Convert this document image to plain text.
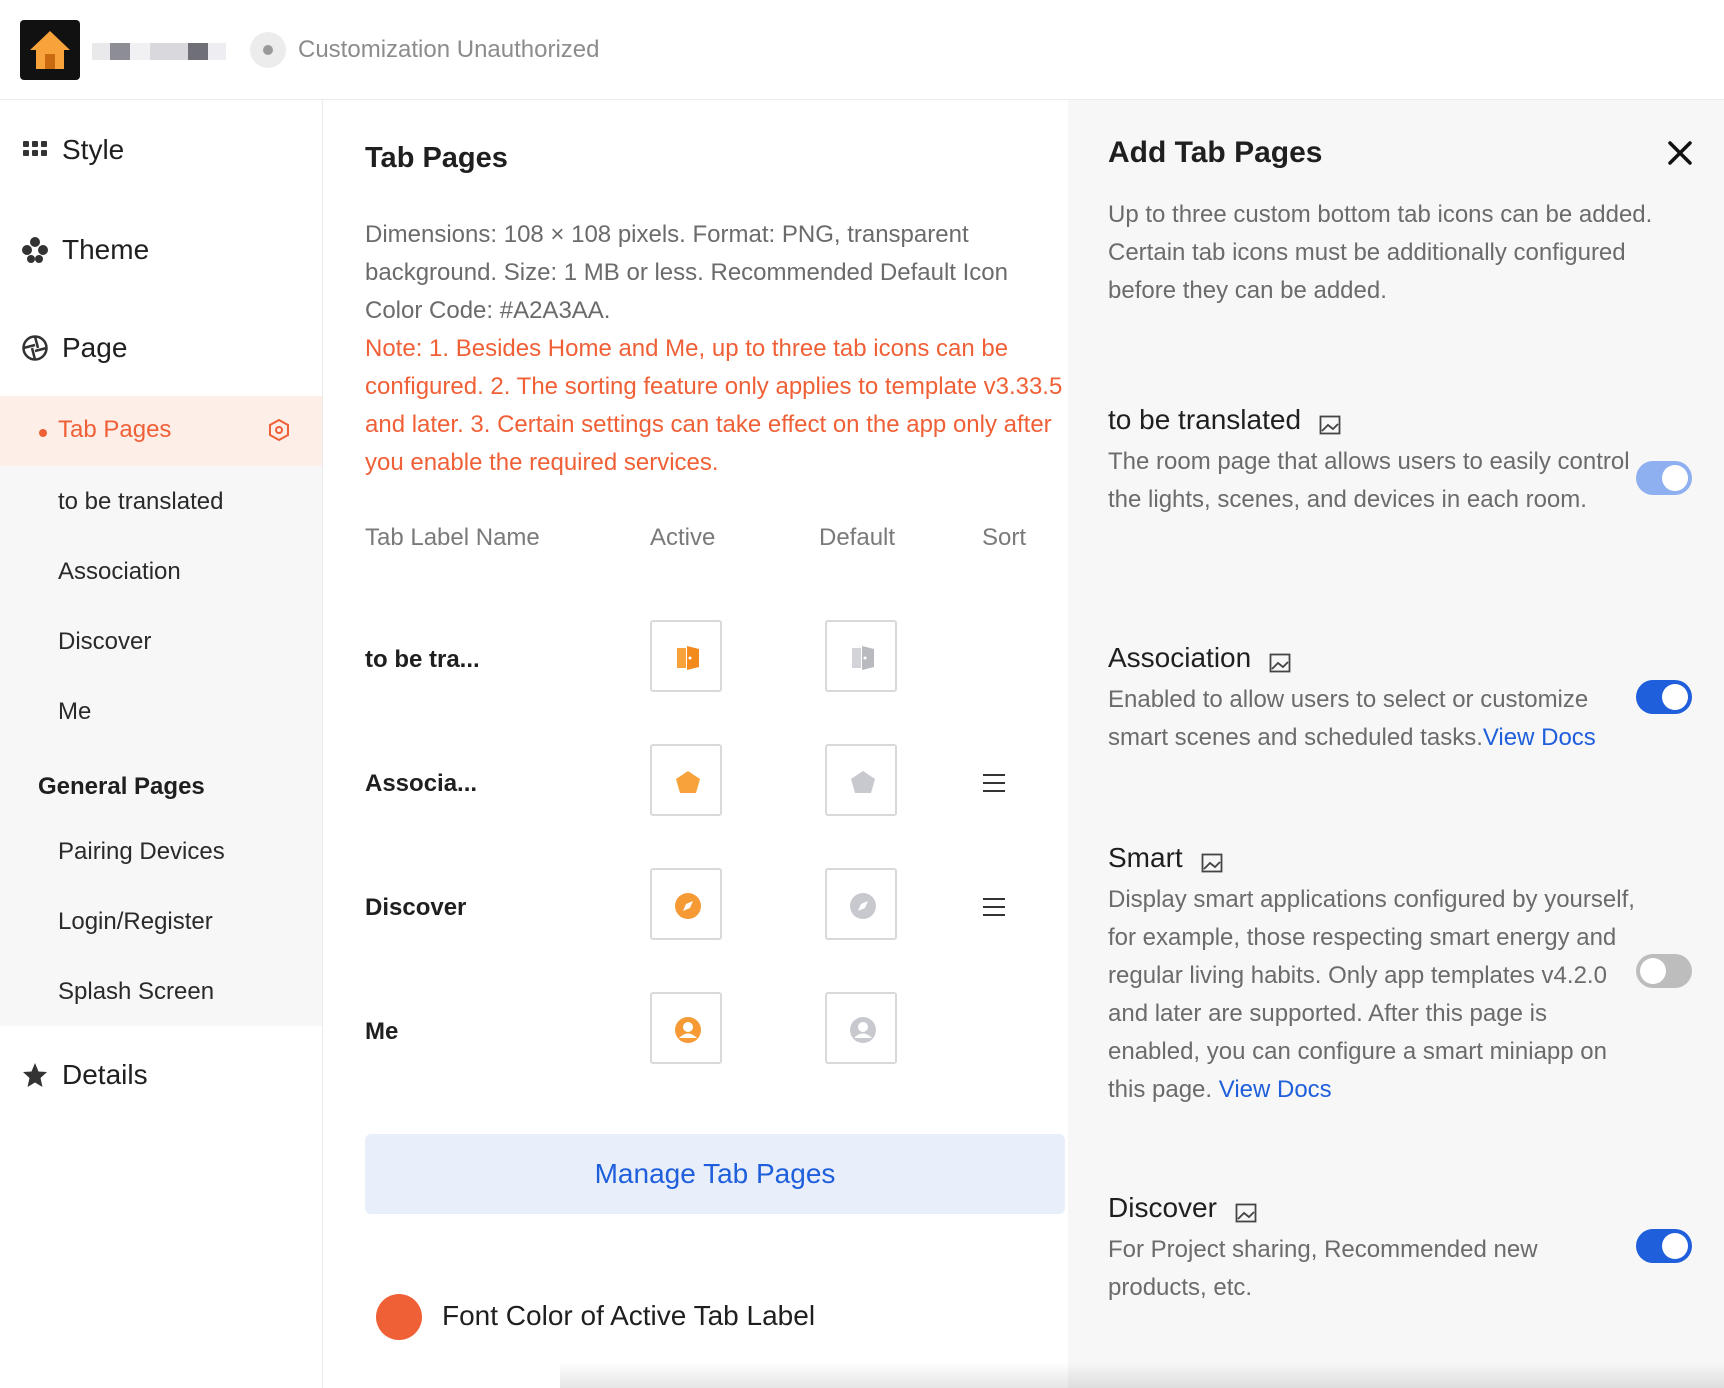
Customization Unauthorized
Style
Theme
Page
Tab Pages
to be translated
Association
Discover
Me
General Pages
Pairing Devices
Login/Register
Splash Screen
Details
Tab Pages
Dimensions: 108 × 108 pixels. Format: PNG, transparent background. Size: 1 MB or less. Recommended Default Icon Color Code: #A2A3AA.
Note: 1. Besides Home and Me, up to three tab icons can be configured. 2. The sorting feature only applies to template v3.33.5 and later. 3. Certain settings can take effect on the app only after you enable the required services.
Tab Label Name	Active	Default	Sort
to be tra...
Associa...
Discover
Me
Manage Tab Pages
Font Color of Active Tab Label
Add Tab Pages
Up to three custom bottom tab icons can be added. Certain tab icons must be additionally configured before they can be added.
to be translated
The room page that allows users to easily control the lights, scenes, and devices in each room.
Association
Enabled to allow users to select or customize smart scenes and scheduled tasks.View Docs
Smart
Display smart applications configured by yourself, for example, those respecting smart energy and regular living habits. Only app templates v4.2.0 and later are supported. After this page is enabled, you can configure a smart miniapp on this page. View Docs
Discover
For Project sharing, Recommended new products, etc.
